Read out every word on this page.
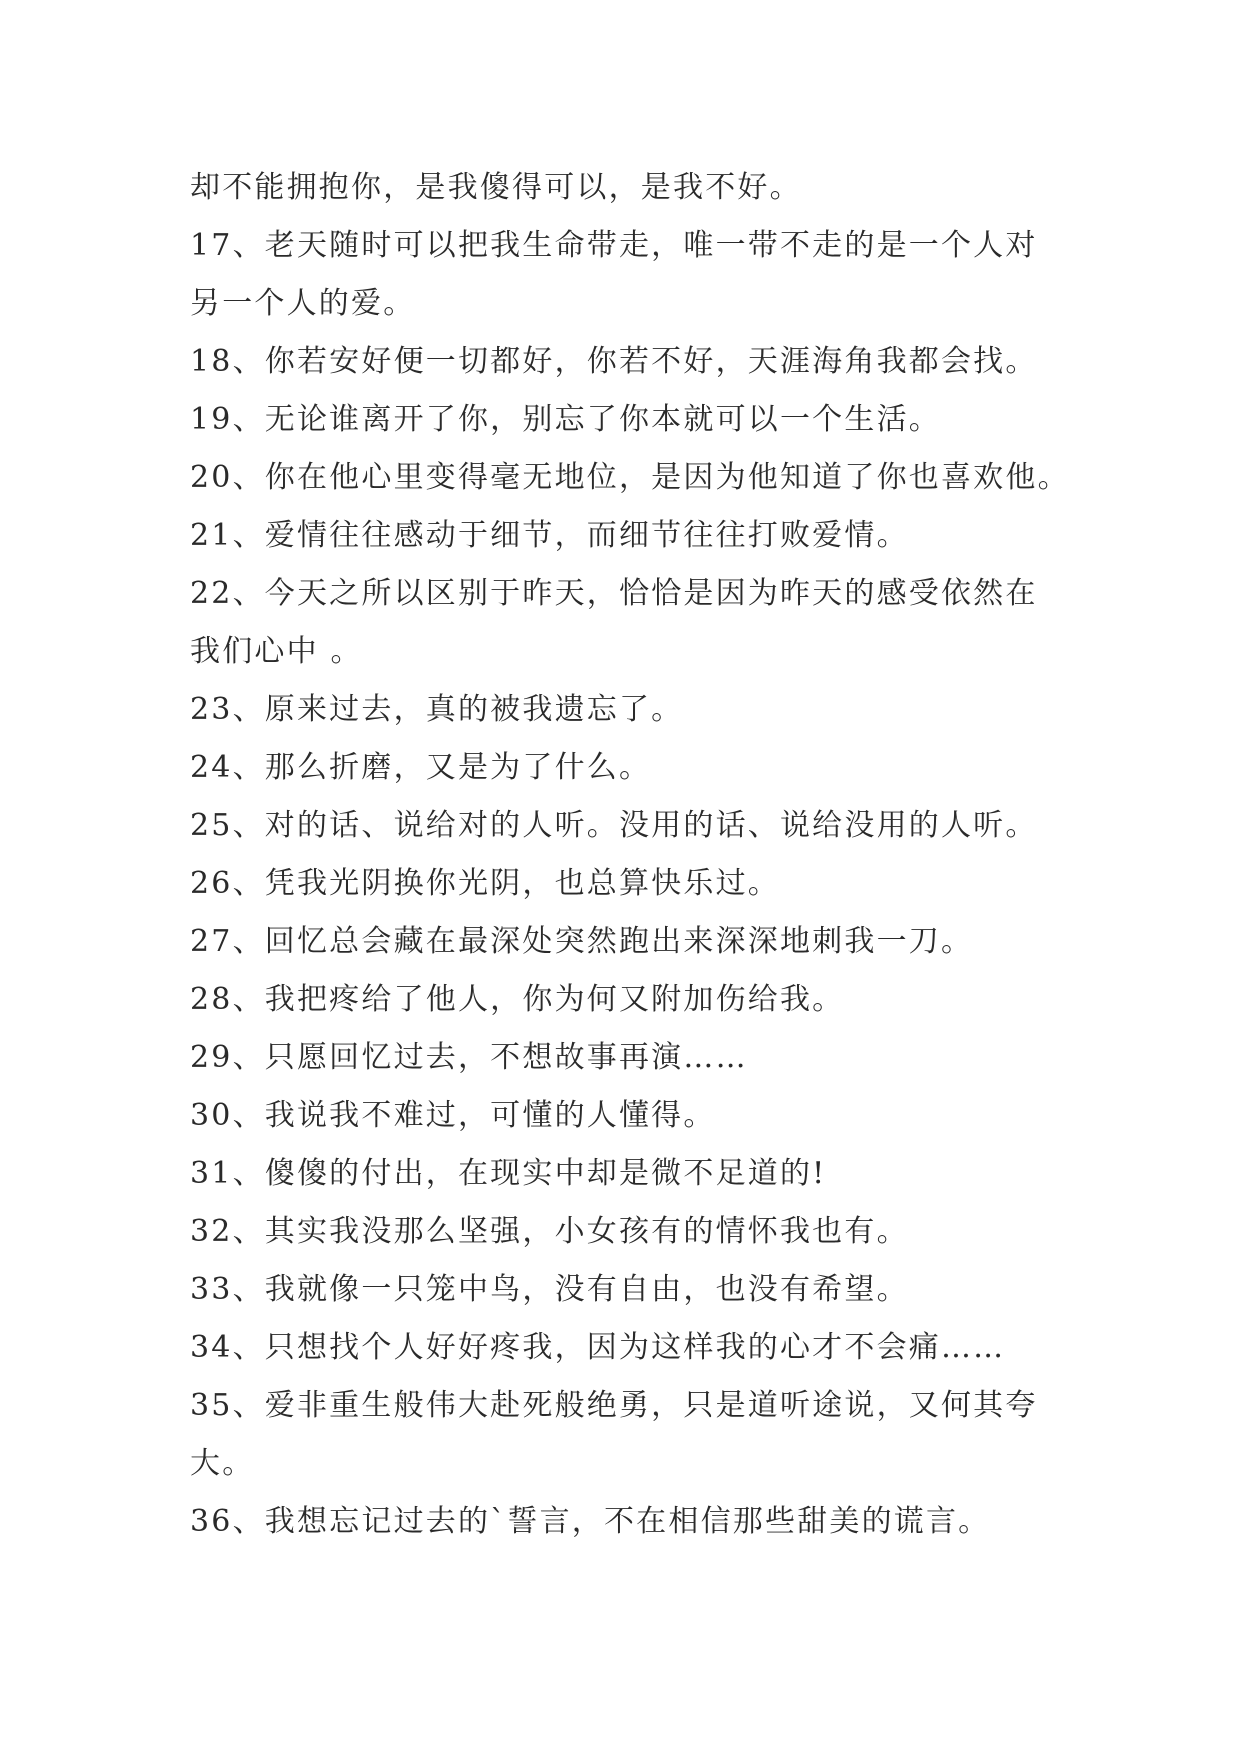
却不能拥抱你，是我傻得可以，是我不好。
17、老天随时可以把我生命带走，唯一带不走的是一个人对
另一个人的爱。
18、你若安好便一切都好，你若不好，天涯海角我都会找。
19、无论谁离开了你，别忘了你本就可以一个生活。
20、你在他心里变得毫无地位，是因为他知道了你也喜欢他。
21、爱情往往感动于细节，而细节往往打败爱情。
22、今天之所以区别于昨天，恰恰是因为昨天的感受依然在
我们心中 。
23、原来过去，真的被我遗忘了。
24、那么折磨，又是为了什么。
25、对的话、说给对的人听。没用的话、说给没用的人听。
26、凭我光阴换你光阴，也总算快乐过。
27、回忆总会藏在最深处突然跑出来深深地刺我一刀。
28、我把疼给了他人，你为何又附加伤给我。
29、只愿回忆过去，不想故事再演……
30、我说我不难过，可懂的人懂得。
31、傻傻的付出，在现实中却是微不足道的!
32、其实我没那么坚强，小女孩有的情怀我也有。
33、我就像一只笼中鸟，没有自由，也没有希望。
34、只想找个人好好疼我，因为这样我的心才不会痛……
35、爱非重生般伟大赴死般绝勇，只是道听途说，又何其夸
大。
36、我想忘记过去的`誓言，不在相信那些甜美的谎言。
